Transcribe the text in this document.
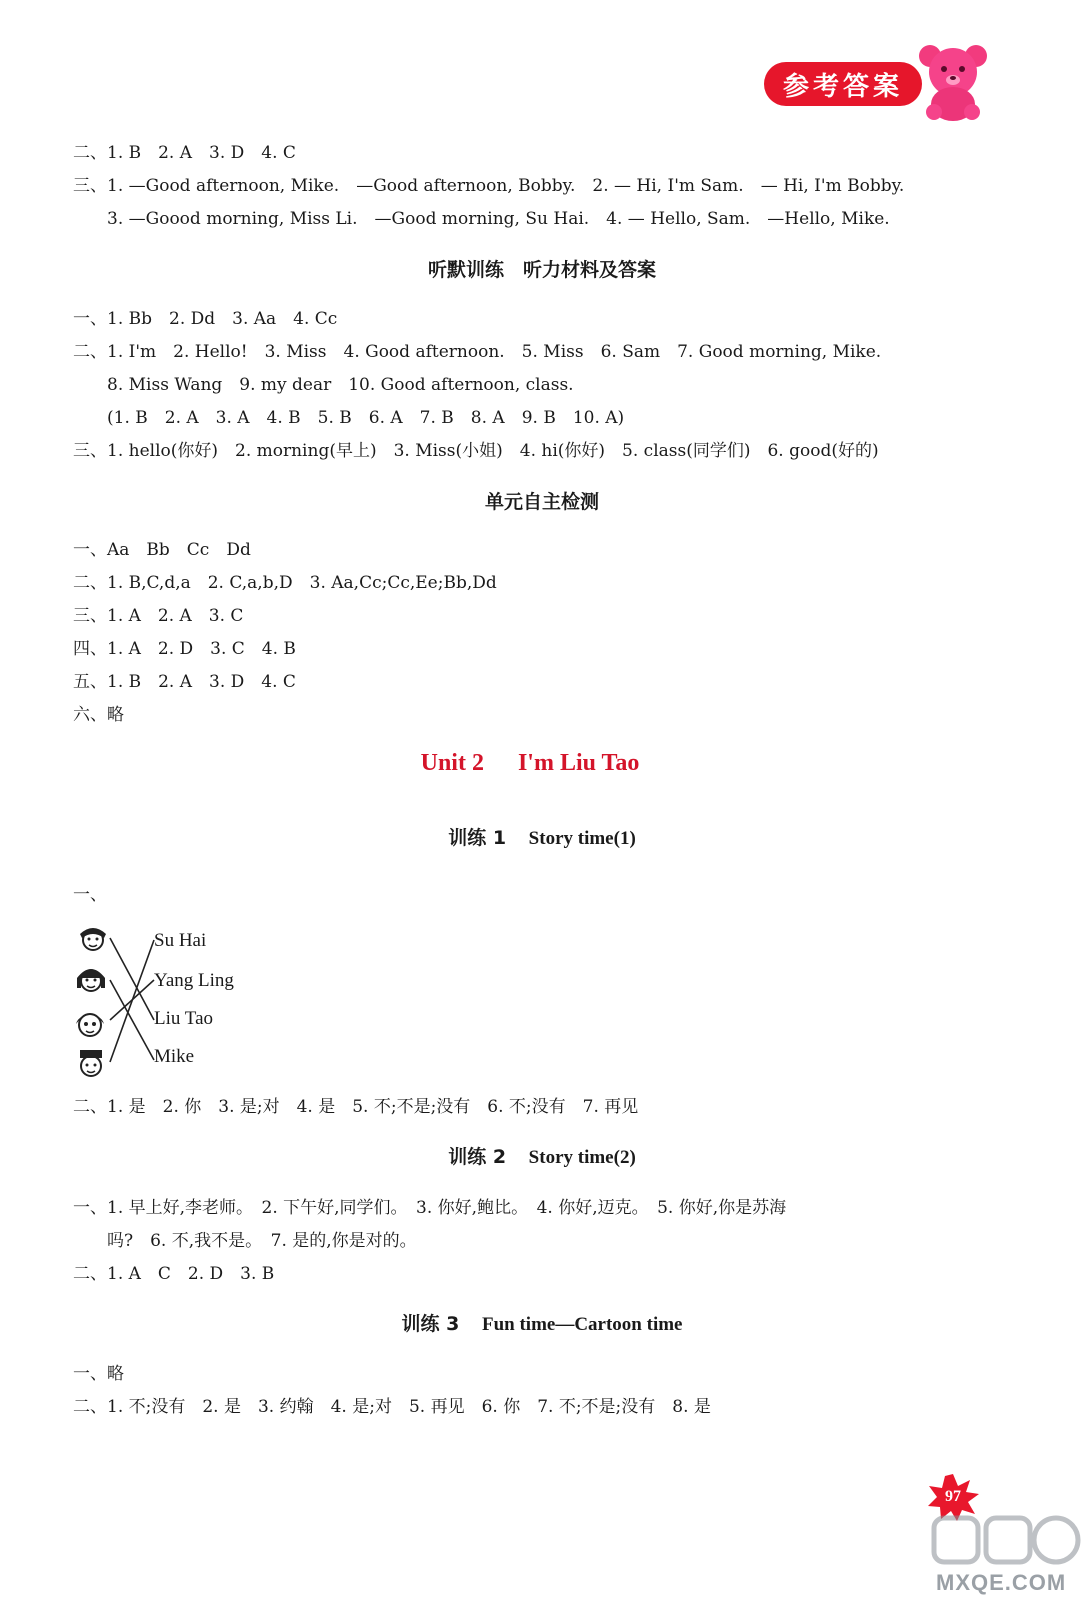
参考答案
二、1. B　2. A　3. D　4. C
三、1. —Good afternoon, Mike.　—Good afternoon, Bobby.　2. — Hi, I'm Sam.　— Hi, I'm Bobby.
3. —Goood morning, Miss Li.　—Good morning, Su Hai.　4. — Hello, Sam.　—Hello, Mike.
听默训练　听力材料及答案
一、1. Bb　2. Dd　3. Aa　4. Cc
二、1. I'm　2. Hello!　3. Miss　4. Good afternoon.　5. Miss　6. Sam　7. Good morning, Mike.
8. Miss Wang　9. my dear　10. Good afternoon, class.
(1. B　2. A　3. A　4. B　5. B　6. A　7. B　8. A　9. B　10. A)
三、1. hello(你好)　2. morning(早上)　3. Miss(小姐)　4. hi(你好)　5. class(同学们)　6. good(好的)
单元自主检测
一、Aa　Bb　Cc　Dd
二、1. B,C,d,a　2. C,a,b,D　3. Aa,Cc;Cc,Ee;Bb,Dd
三、1. A　2. A　3. C
四、1. A　2. D　3. C　4. B
五、1. B　2. A　3. D　4. C
六、略
Unit 2 I'm Liu Tao
训练 1 Story time(1)
一、
Su Hai
Yang Ling
Liu Tao
Mike
二、1. 是　2. 你　3. 是;对　4. 是　5. 不;不是;没有　6. 不;没有　7. 再见
训练 2 Story time(2)
一、1. 早上好,李老师。　2. 下午好,同学们。　3. 你好,鲍比。　4. 你好,迈克。　5. 你好,你是苏海
吗?　6. 不,我不是。　7. 是的,你是对的。
二、1. A　C　2. D　3. B
训练 3 Fun time—Cartoon time
一、略
二、1. 不;没有　2. 是　3. 约翰　4. 是;对　5. 再见　6. 你　7. 不;不是;没有　8. 是
97
MXQE.COM
